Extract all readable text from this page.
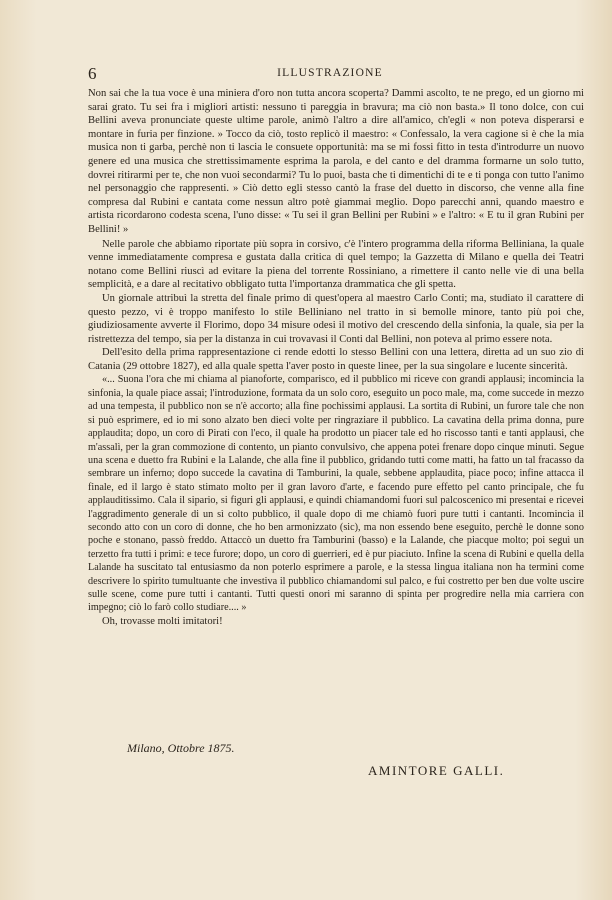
6	ILLUSTRAZIONE

Non sai che la tua voce è una miniera d'oro non tutta ancora scoperta? Dammi ascolto, te ne prego, ed un giorno mi sarai grato. Tu sei fra i migliori artisti: nessuno ti pareggia in bravura; ma ciò non basta.» Il tono dolce, con cui Bellini aveva pronunciate queste ultime parole, animò l'altro a dire all'amico, ch'egli « non poteva disperarsi e montare in furia per finzione. » Tocco da ciò, tosto replicò il maestro: « Confessalo, la vera cagione si è che la mia musica non ti garba, perchè non ti lascia le consuete opportunità: ma se mi fossi fitto in testa d'introdurre un nuovo genere ed una musica che strettissimamente esprima la parola, e del canto e del dramma formarne un solo tutto, dovrei ritirarmi per te, che non vuoi secondarmi? Tu lo puoi, basta che ti dimentichi di te e ti ponga con tutto l'animo nel personaggio che rappresenti. » Ciò detto egli stesso cantò la frase del duetto in discorso, che venne alla fine compresa dal Rubini e cantata come nessun altro potè giammai meglio. Dopo parecchi anni, quando maestro e artista ricordarono codesta scena, l'uno disse: « Tu sei il gran Bellini per Rubini » e l'altro: « E tu il gran Rubini per Bellini! »

Nelle parole che abbiamo riportate più sopra in corsivo, c'è l'intero programma della riforma Belliniana, la quale venne immediatamente compresa e gustata dalla critica di quel tempo; la Gazzetta di Milano e quella dei Teatri notano come Bellini riuscì ad evitare la piena del torrente Rossiniano, a rimettere il canto nelle vie di una bella semplicità, e a dare al recitativo obbligato tutta l'importanza drammatica che gli spetta.

Un giornale attribuì la stretta del finale primo di quest'opera al maestro Carlo Conti; ma, studiato il carattere di questo pezzo, vi è troppo manifesto lo stile Belliniano nel tratto in si bemolle minore, tanto più poi che, giudiziosamente avverte il Florimo, dopo 34 misure odesi il motivo del crescendo della sinfonia, la quale, sia per la ristrettezza del tempo, sia per la distanza in cui trovavasi il Conti dal Bellini, non poteva al primo essere nota.

Dell'esito della prima rappresentazione ci rende edotti lo stesso Bellini con una lettera, diretta ad un suo zio di Catania (29 ottobre 1827), ed alla quale spetta l'aver posto in queste linee, per la sua singolare e lucente sincerità.

«... Suona l'ora che mi chiama al pianoforte, comparisco, ed il pubblico mi riceve con grandi applausi; incomincia la sinfonia, la quale piace assai; l'introduzione, formata da un solo coro, eseguito un poco male, ma, come succede in mezzo ad una tempesta, il pubblico non se n'è accorto; alla fine pochissimi applausi. La sortita di Rubini, un furore tale che non si può esprimere, ed io mi sono alzato ben dieci volte per ringraziare il pubblico. La cavatina della prima donna, pure applaudita; dopo, un coro di Pirati con l'eco, il quale ha prodotto un piacer tale ed ho riscosso tanti e tanti applausi, che m'assalì, per la gran commozione di contento, un pianto convulsivo, che appena potei frenare dopo cinque minuti. Segue una scena e duetto fra Rubini e la Lalande, che alla fine il pubblico, gridando tutti come matti, ha fatto un tal fracasso da sembrare un inferno; dopo succede la cavatina di Tamburini, la quale, sebbene applaudita, piace poco; infine attacca il finale, ed il largo è stato stimato molto per il gran lavoro d'arte, e facendo pure effetto pel canto principale, che fu applauditissimo. Cala il sipario, si figuri gli applausi, e quindi chiamandomi fuori sul palcoscenico mi presentai e ricevei l'aggradimento generale di un sì colto pubblico, il quale dopo di me chiamò fuori pure tutti i cantanti. Incomincia il secondo atto con un coro di donne, che ho ben armonizzato (sic), ma non essendo bene eseguito, perchè le donne sono poche e stonano, passò freddo. Attaccò un duetto fra Tamburini (basso) e la Lalande, che piacque molto; poi seguì un terzetto fra tutti i primi: e tece furore; dopo, un coro di guerrieri, ed è pur piaciuto. Infine la scena di Rubini e quella della Lalande ha suscitato tal entusiasmo da non poterlo esprimere a parole, e la stessa lingua italiana non ha termini come descrivere lo spirito tumultuante che investiva il pubblico chiamandomi sul palco, e fui costretto per ben due volte uscire sulle scene, come pure tutti i cantanti. Tutti questi onori mi saranno di spinta per progredire nella mia carriera con impegno; ciò lo farò collo studiare.... »

Oh, trovasse molti imitatori!

Milano, Ottobre 1875.
AMINTORE GALLI.
